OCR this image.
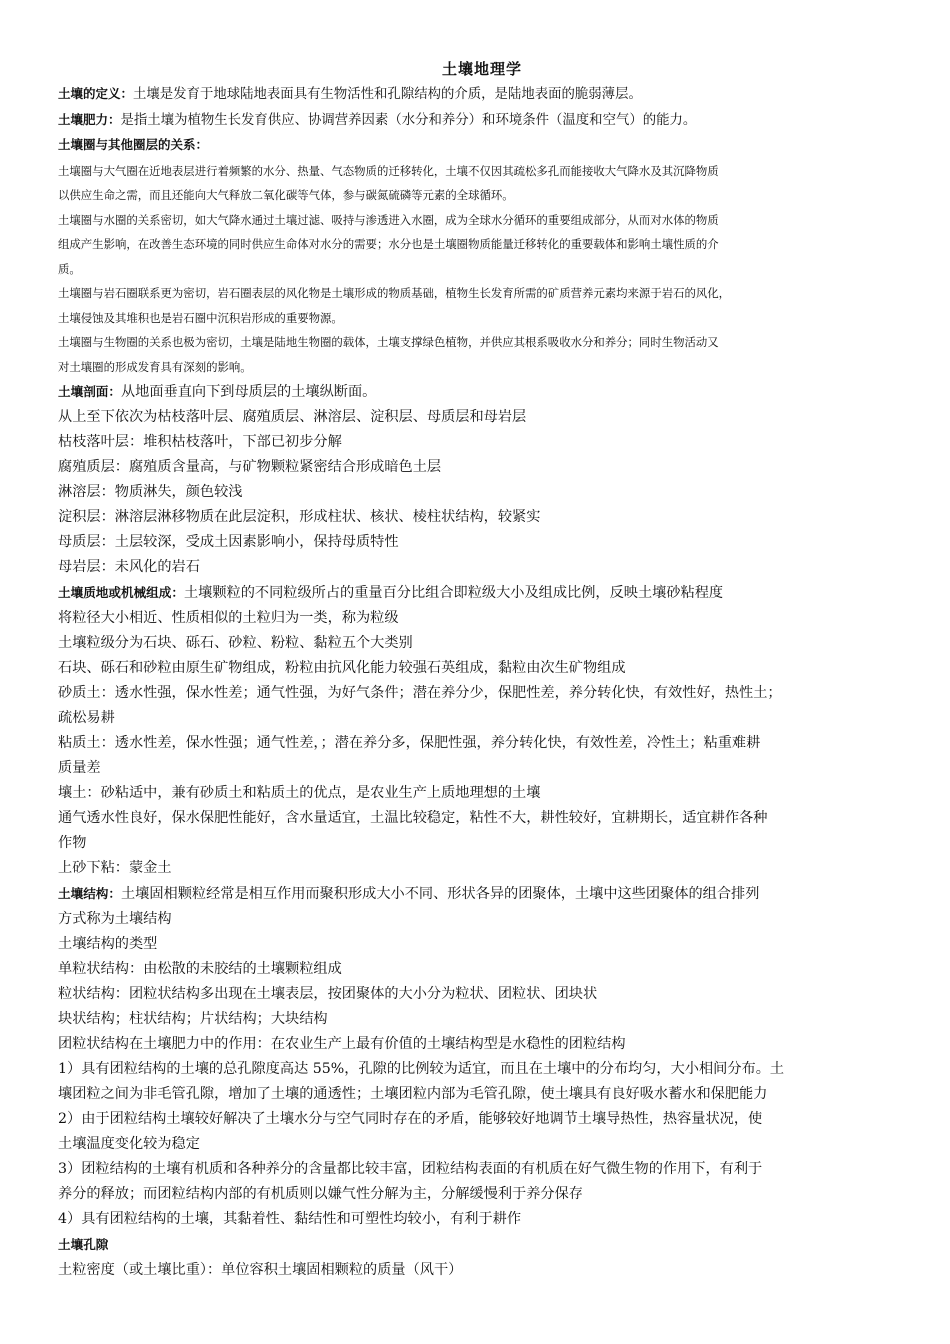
土壤地理学

土壤的定义：土壤是发育于地球陆地表面具有生物活性和孔隙结构的介质，是陆地表面的脆弱薄层。

土壤肥力：是指土壤为植物生长发育供应、协调营养因素（水分和养分）和环境条件（温度和空气）的能力。

土壤圈与其他圈层的关系：

土壤圈与大气圈在近地表层进行着频繁的水分、热量、气态物质的迁移转化，土壤不仅因其疏松多孔而能接收大气降水及其沉降物质

以供应生命之需，而且还能向大气释放二氧化碳等气体，参与碳氮硫磷等元素的全球循环。

土壤圈与水圈的关系密切，如大气降水通过土壤过滤、吸持与渗透进入水圈，成为全球水分循环的重要组成部分，从而对水体的物质

组成产生影响，在改善生态环境的同时供应生命体对水分的需要；水分也是土壤圈物质能量迁移转化的重要载体和影响土壤性质的介

质。

土壤圈与岩石圈联系更为密切，岩石圈表层的风化物是土壤形成的物质基础，植物生长发育所需的矿质营养元素均来源于岩石的风化，

土壤侵蚀及其堆积也是岩石圈中沉积岩形成的重要物源。

土壤圈与生物圈的关系也极为密切，土壤是陆地生物圈的载体，土壤支撑绿色植物，并供应其根系吸收水分和养分；同时生物活动又

对土壤圈的形成发育具有深刻的影响。

土壤剖面：从地面垂直向下到母质层的土壤纵断面。

从上至下依次为枯枝落叶层、腐殖质层、淋溶层、淀积层、母质层和母岩层

枯枝落叶层：堆积枯枝落叶，下部已初步分解

腐殖质层：腐殖质含量高，与矿物颗粒紧密结合形成暗色土层

淋溶层：物质淋失，颜色较浅

淀积层：淋溶层淋移物质在此层淀积，形成柱状、核状、棱柱状结构，较紧实

母质层：土层较深，受成土因素影响小，保持母质特性

母岩层：未风化的岩石

土壤质地或机械组成：土壤颗粒的不同粒级所占的重量百分比组合即粒级大小及组成比例，反映土壤砂粘程度

将粒径大小相近、性质相似的土粒归为一类，称为粒级

土壤粒级分为石块、砾石、砂粒、粉粒、黏粒五个大类别

石块、砾石和砂粒由原生矿物组成，粉粒由抗风化能力较强石英组成，黏粒由次生矿物组成

砂质土：透水性强，保水性差；通气性强，为好气条件；潜在养分少，保肥性差，养分转化快，有效性好，热性土；

疏松易耕

粘质土：透水性差，保水性强；通气性差，；潜在养分多，保肥性强，养分转化快，有效性差，冷性土；粘重难耕

质量差

壤土：砂粘适中，兼有砂质土和粘质土的优点，是农业生产上质地理想的土壤

通气透水性良好，保水保肥性能好，含水量适宜，土温比较稳定，粘性不大，耕性较好，宜耕期长，适宜耕作各种

作物

上砂下粘：蒙金土

土壤结构：土壤固相颗粒经常是相互作用而聚积形成大小不同、形状各异的团聚体，土壤中这些团聚体的组合排列

方式称为土壤结构

土壤结构的类型

单粒状结构：由松散的未胶结的土壤颗粒组成

粒状结构：团粒状结构多出现在土壤表层，按团聚体的大小分为粒状、团粒状、团块状

块状结构；柱状结构；片状结构；大块结构

团粒状结构在土壤肥力中的作用：在农业生产上最有价值的土壤结构型是水稳性的团粒结构

1）具有团粒结构的土壤的总孔隙度高达 55%，孔隙的比例较为适宜，而且在土壤中的分布均匀，大小相间分布。土

壤团粒之间为非毛管孔隙，增加了土壤的通透性；土壤团粒内部为毛管孔隙，使土壤具有良好吸水蓄水和保肥能力

2）由于团粒结构土壤较好解决了土壤水分与空气同时存在的矛盾，能够较好地调节土壤导热性，热容量状况，使

土壤温度变化较为稳定

3）团粒结构的土壤有机质和各种养分的含量都比较丰富，团粒结构表面的有机质在好气微生物的作用下，有利于

养分的释放；而团粒结构内部的有机质则以嫌气性分解为主，分解缓慢利于养分保存

4）具有团粒结构的土壤，其黏着性、黏结性和可塑性均较小，有利于耕作

土壤孔隙

土粒密度（或土壤比重）：单位容积土壤固相颗粒的质量（风干）
